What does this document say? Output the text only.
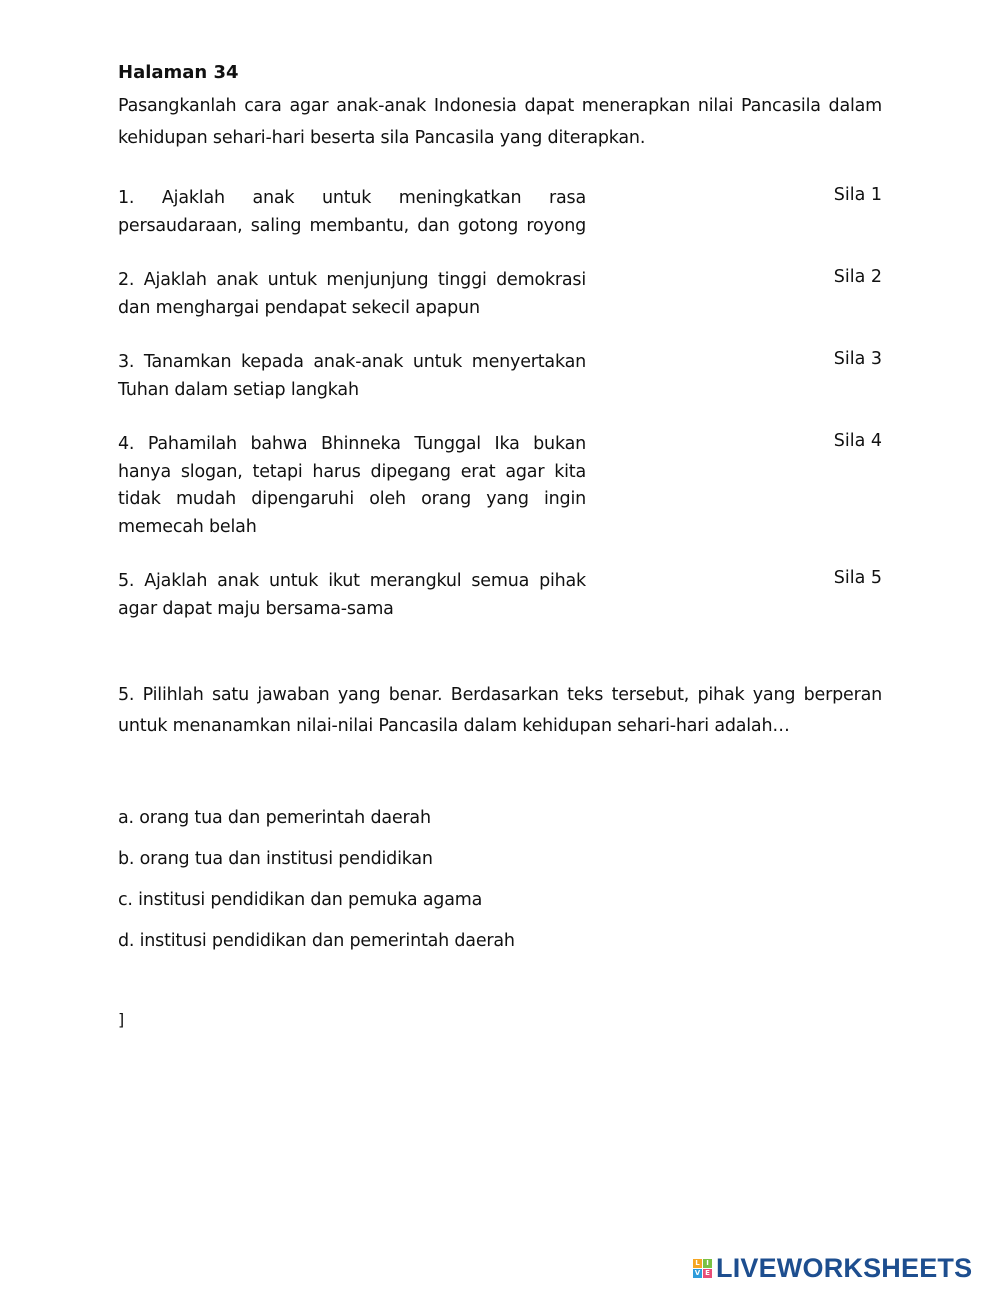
Halaman 34
Pasangkanlah cara agar anak-anak Indonesia dapat menerapkan nilai Pancasila dalam kehidupan sehari-hari beserta sila Pancasila yang diterapkan.
1. Ajaklah anak untuk meningkatkan rasa persaudaraan, saling membantu, dan gotong royong
Sila 1
2. Ajaklah anak untuk menjunjung tinggi demokrasi dan menghargai pendapat sekecil apapun
Sila 2
3. Tanamkan kepada anak-anak untuk menyertakan Tuhan dalam setiap langkah
Sila 3
4. Pahamilah bahwa Bhinneka Tunggal Ika bukan hanya slogan, tetapi harus dipegang erat agar kita tidak mudah dipengaruhi oleh orang yang ingin memecah belah
Sila 4
5. Ajaklah anak untuk ikut merangkul semua pihak agar dapat maju bersama-sama
Sila 5
5. Pilihlah satu jawaban yang benar. Berdasarkan teks tersebut, pihak yang berperan untuk menanamkan nilai-nilai Pancasila dalam kehidupan sehari-hari adalah…
a. orang tua dan pemerintah daerah
b. orang tua dan institusi pendidikan
c. institusi pendidikan dan pemuka agama
d. institusi pendidikan dan pemerintah daerah
]
L I
V E LIVEWORKSHEETS
